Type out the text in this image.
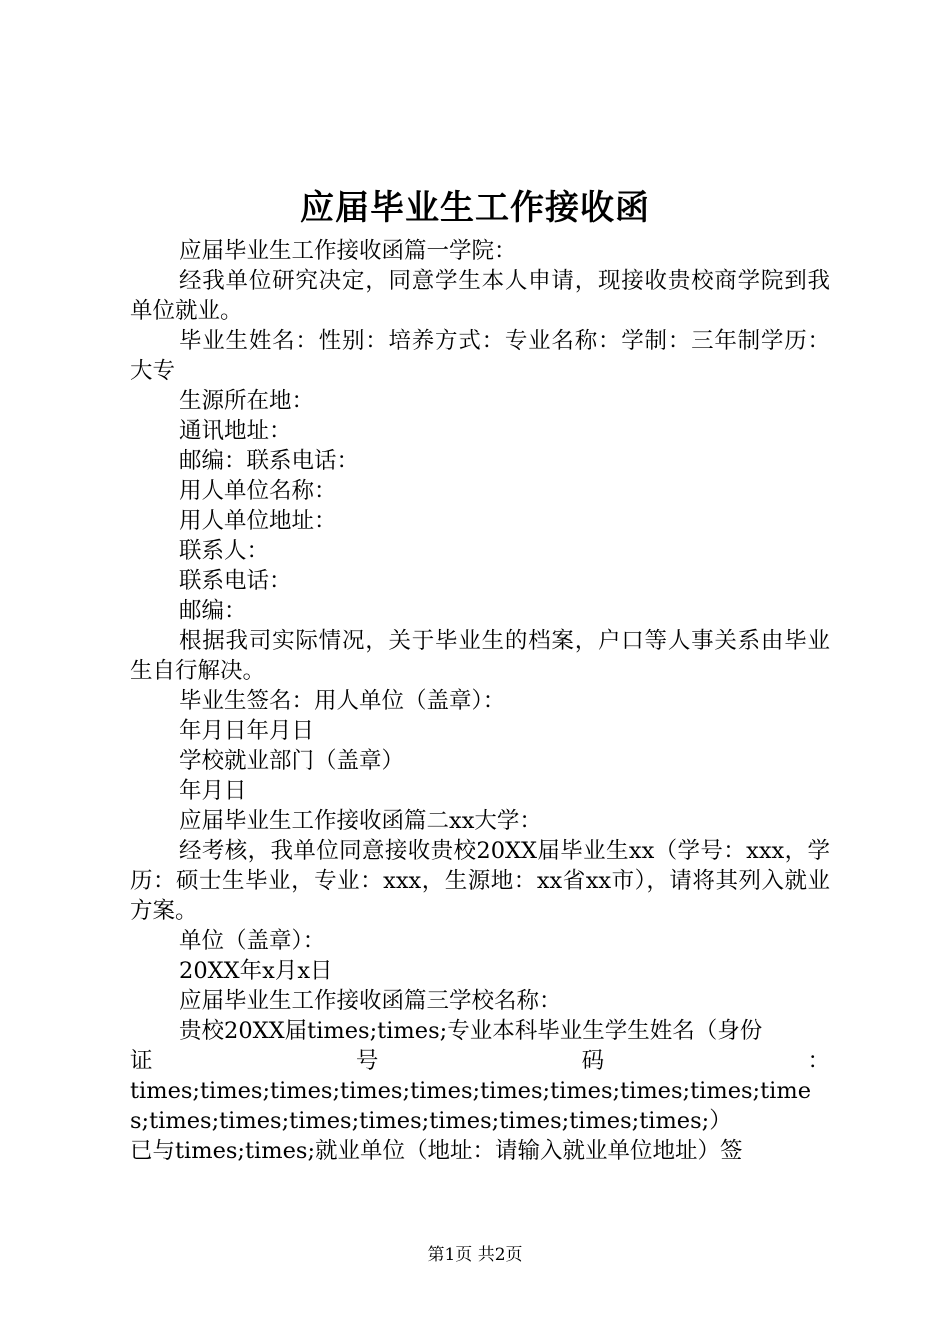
应届毕业生工作接收函

应届毕业生工作接收函篇一学院：

经我单位研究决定，同意学生本人申请，现接收贵校商学院到我单位就业。

毕业生姓名：性别：培养方式：专业名称：学制：三年制学历：大专

生源所在地：

通讯地址：

邮编：联系电话：

用人单位名称：

用人单位地址：

联系人：

联系电话：

邮编：

根据我司实际情况，关于毕业生的档案，户口等人事关系由毕业生自行解决。

毕业生签名：用人单位（盖章）：

年月日年月日

学校就业部门（盖章）

年月日

应届毕业生工作接收函篇二xx大学：

经考核，我单位同意接收贵校20XX届毕业生xx（学号：xxx，学历：硕士生毕业，专业：xxx，生源地：xx省xx市），请将其列入就业方案。

单位（盖章）：

20XX年x月x日

应届毕业生工作接收函篇三学校名称：

贵校20XX届times;times;专业本科毕业生学生姓名（身份

证号码：

times;times;times;times;times;times;times;times;times;times;times;times;times;times;times;times;times;times;）

已与times;times;就业单位（地址：请输入就业单位地址）签

第1页 共2页
